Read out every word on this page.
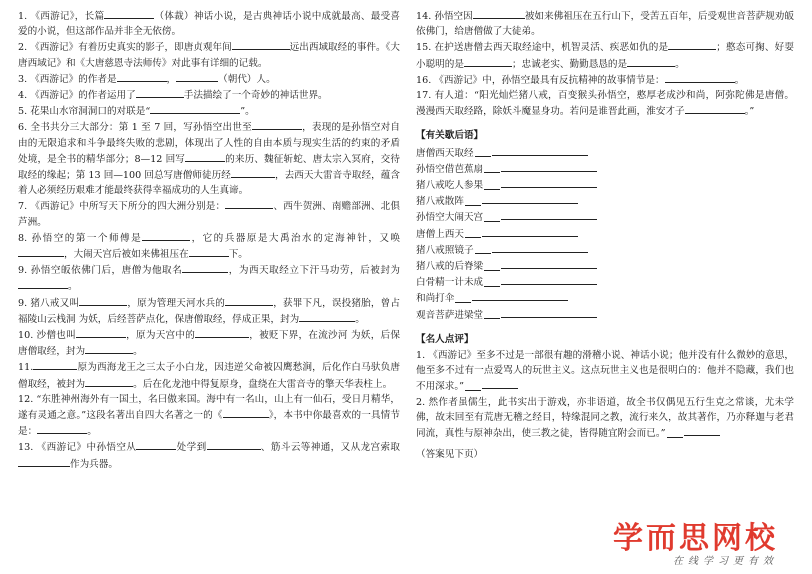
1. 《西游记》，长篇	（体裁）神话小说，是古典神话小说中成就最高、最受喜爱的小说，但这部作品并非全无依傍。

2. 《西游记》有着历史真实的影子，即唐贞观年间	远出西域取经的事件。《大唐西域记》和《大唐慈恩寺法师传》对此事有详细的记载。

3. 《西游记》的作者是	，	（朝代）人。

4. 《西游记》的作者运用了	手法描绘了一个奇妙的神话世界。

5. 花果山水帘洞洞口的对联是“	”。

6. 全书共分三大部分：第 1 至 7 回，写孙悟空出世至	，表现的是孙悟空对自由的无限追求和斗争最终失败的悲剧，体现出了人性的自由本质与现实生活的约束的矛盾处境，是全书的精华部分；8—12 回写	的来历、魏征斩蛇、唐太宗入冥府，交待取经的缘起；第 13 回—100 回总写唐僧师徒历经	，去西天大雷音寺取经，蕴含着人必须经历艰难才能最终获得幸福成功的人生真谛。

7. 《西游记》中所写天下所分的四大洲分别是：	、西牛贺洲、南赡部洲、北俱芦洲。

8. 孙悟空的第一个师傅是	，它的兵器原是大禹治水的定海神针，又唤，大闹天宫后被如来佛祖压在	下。

9. 孙悟空皈依佛门后，唐僧为他取名	，为西天取经立下汗马功劳，后被封为。

9. 猪八戒又叫	，原为管理天河水兵的	，获罪下凡，误投猪胎，曾占 福陵山云栈洞 为妖，后经菩萨点化，保唐僧取经，俘成正果，封为	。

10. 沙僧也叫	，原为天宫中的	，被贬下界，在流沙河 为妖，后保唐僧取经，封为	。

11.	原为西海龙王之三太子小白龙，因违逆父命被囚鹰愁涧，后化作白马驮负唐僧取经，被封为	。后在化龙池中得复原身，盘绕在大雷音寺的擎天华表柱上。

12. “东胜神州海外有一国土，名曰傲来国。海中有一名山，山上有一仙石，受日月精华，遂有灵通之意。”这段名著出自四大名著之一的《	》，本书中你最喜欢的一具情节是：	。

13. 《西游记》中孙悟空从	处学到	、筋斗云等神通，又从龙宫索取作为兵器。

14. 孙悟空因	被如来佛祖压在五行山下，受苦五百年，后受观世音菩萨规劝皈依佛门，给唐僧做了大徒弟。

15. 在护送唐僧去西天取经途中，机智灵活、疾恶如仇的是	；憨态可掬、好耍小聪明的是	；忠诚老实、勤勤恳恳的是	。

16. 《西游记》中，孙悟空最具有反抗精神的故事情节是：	。

17. 有人道：“阳光灿烂猪八戒，百变猴头孙悟空，憨厚老成沙和尚，阿弥陀佛是唐僧。漫漫西天取经路，除妖斗魔显身功。若问是谁晋此画，淮安才子	。”

【有关歇后语】

唐僧西天取经

孙悟空借芭蕉扇

猪八戒吃人参果

猪八戒散阵

孙悟空大闹天宫

唐僧上西天

猪八戒照镜子

猪八戒的后脊梁

白骨精一计未成

和尚打伞

观音菩萨进梁堂

【名人点评】

1. 《西游记》至多不过是一部很有趣的滑稽小说、神话小说；他并没有什么微妙的意思，他至多不过有一点爱骂人的玩世主义。这点玩世主义也是很明白的：他并不隐藏，我们也不用深求。”

2. 然作者虽儒生，此书实出于游戏，亦非语道，故全书仅偶见五行生克之常谈，尤未学佛，故末回至有荒唐无稽之经目，特缘混同之教，流行来久，故其著作，乃亦释迦与老君同流，真性与原神杂出，使三教之徒，皆得随宜附会而已。”

（答案见下页）

学而思网校
在线学习更有效
